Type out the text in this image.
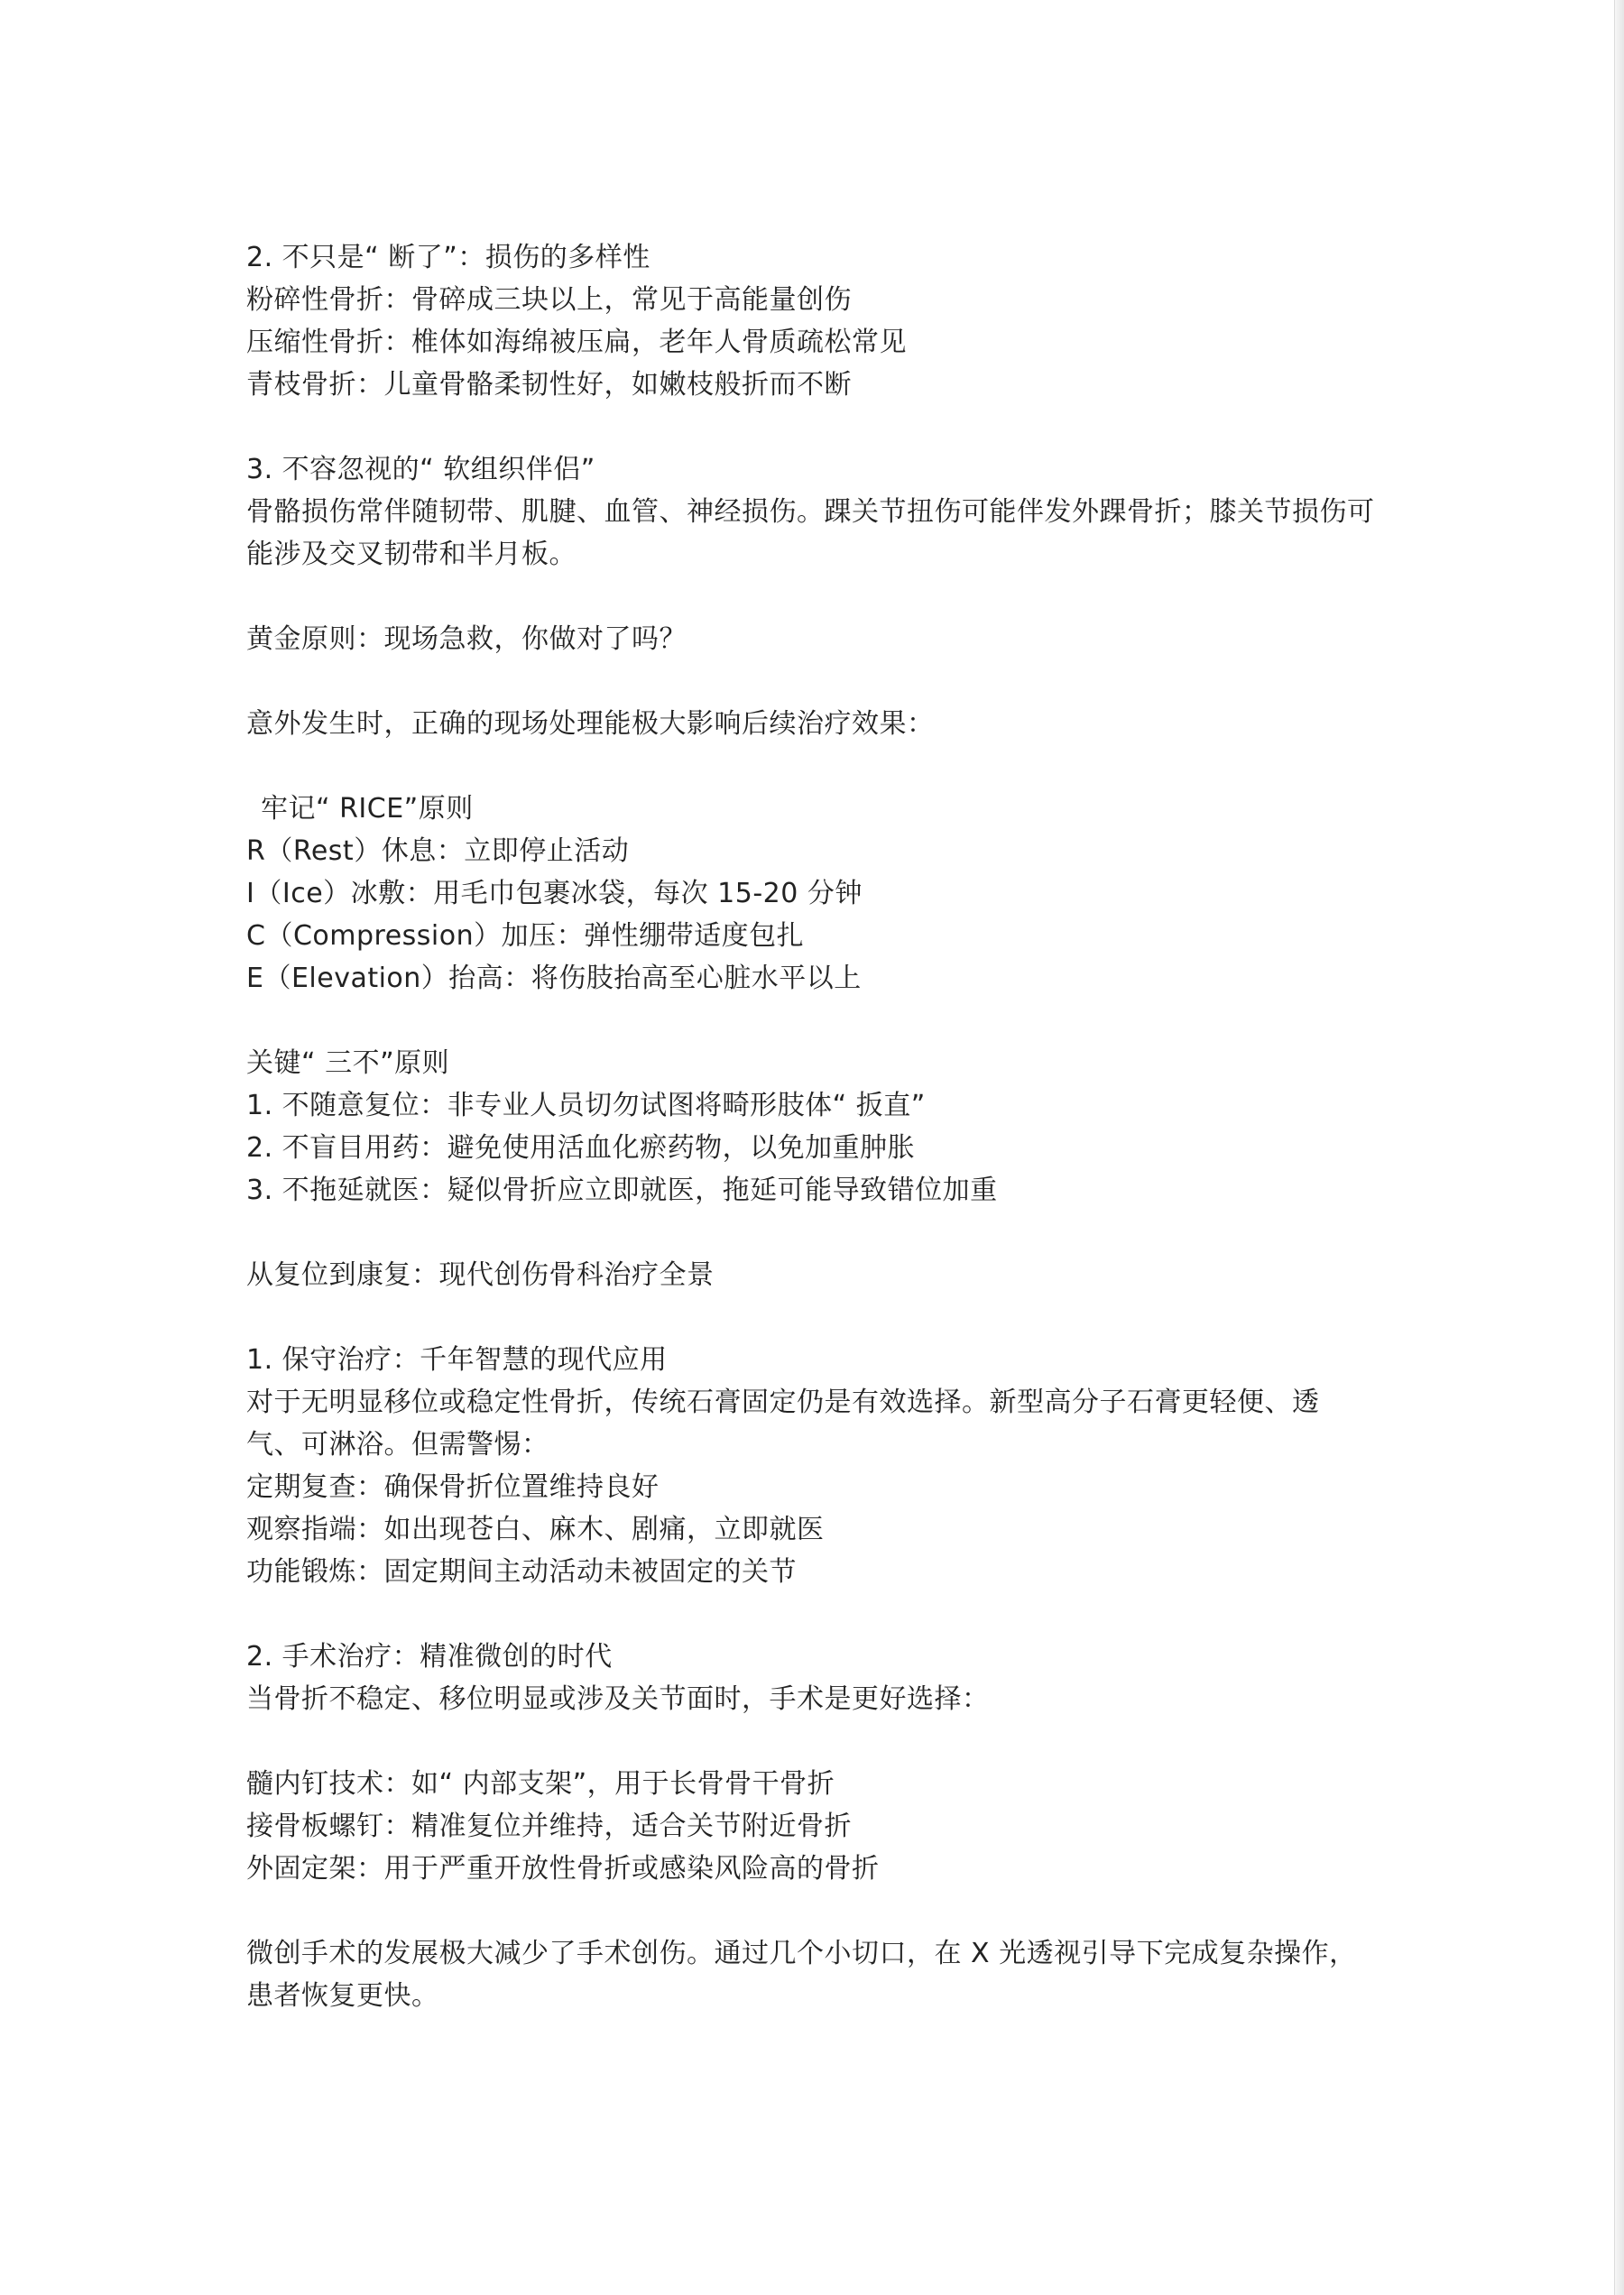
2. 不只是“ 断了”：损伤的多样性
粉碎性骨折：骨碎成三块以上，常见于高能量创伤
压缩性骨折：椎体如海绵被压扁，老年人骨质疏松常见
青枝骨折：儿童骨骼柔韧性好，如嫩枝般折而不断
3. 不容忽视的“ 软组织伴侣”
骨骼损伤常伴随韧带、肌腱、血管、神经损伤。踝关节扭伤可能伴发外踝骨折；膝关节损伤可
能涉及交叉韧带和半月板。
黄金原则：现场急救，你做对了吗？
意外发生时，正确的现场处理能极大影响后续治疗效果：
牢记“ RICE”原则
R（Rest）休息：立即停止活动
I（Ice）冰敷：用毛巾包裹冰袋，每次 15-20 分钟
C（Compression）加压：弹性绷带适度包扎
E（Elevation）抬高：将伤肢抬高至心脏水平以上
关键“ 三不”原则
1. 不随意复位：非专业人员切勿试图将畸形肢体“ 扳直”
2. 不盲目用药：避免使用活血化瘀药物，以免加重肿胀
3. 不拖延就医：疑似骨折应立即就医，拖延可能导致错位加重
从复位到康复：现代创伤骨科治疗全景
1. 保守治疗：千年智慧的现代应用
对于无明显移位或稳定性骨折，传统石膏固定仍是有效选择。新型高分子石膏更轻便、透
气、可淋浴。但需警惕：
定期复查：确保骨折位置维持良好
观察指端：如出现苍白、麻木、剧痛，立即就医
功能锻炼：固定期间主动活动未被固定的关节
2. 手术治疗：精准微创的时代
当骨折不稳定、移位明显或涉及关节面时，手术是更好选择：
髓内钉技术：如“ 内部支架”，用于长骨骨干骨折
接骨板螺钉：精准复位并维持，适合关节附近骨折
外固定架：用于严重开放性骨折或感染风险高的骨折
微创手术的发展极大减少了手术创伤。通过几个小切口，在 X 光透视引导下完成复杂操作，
患者恢复更快。
